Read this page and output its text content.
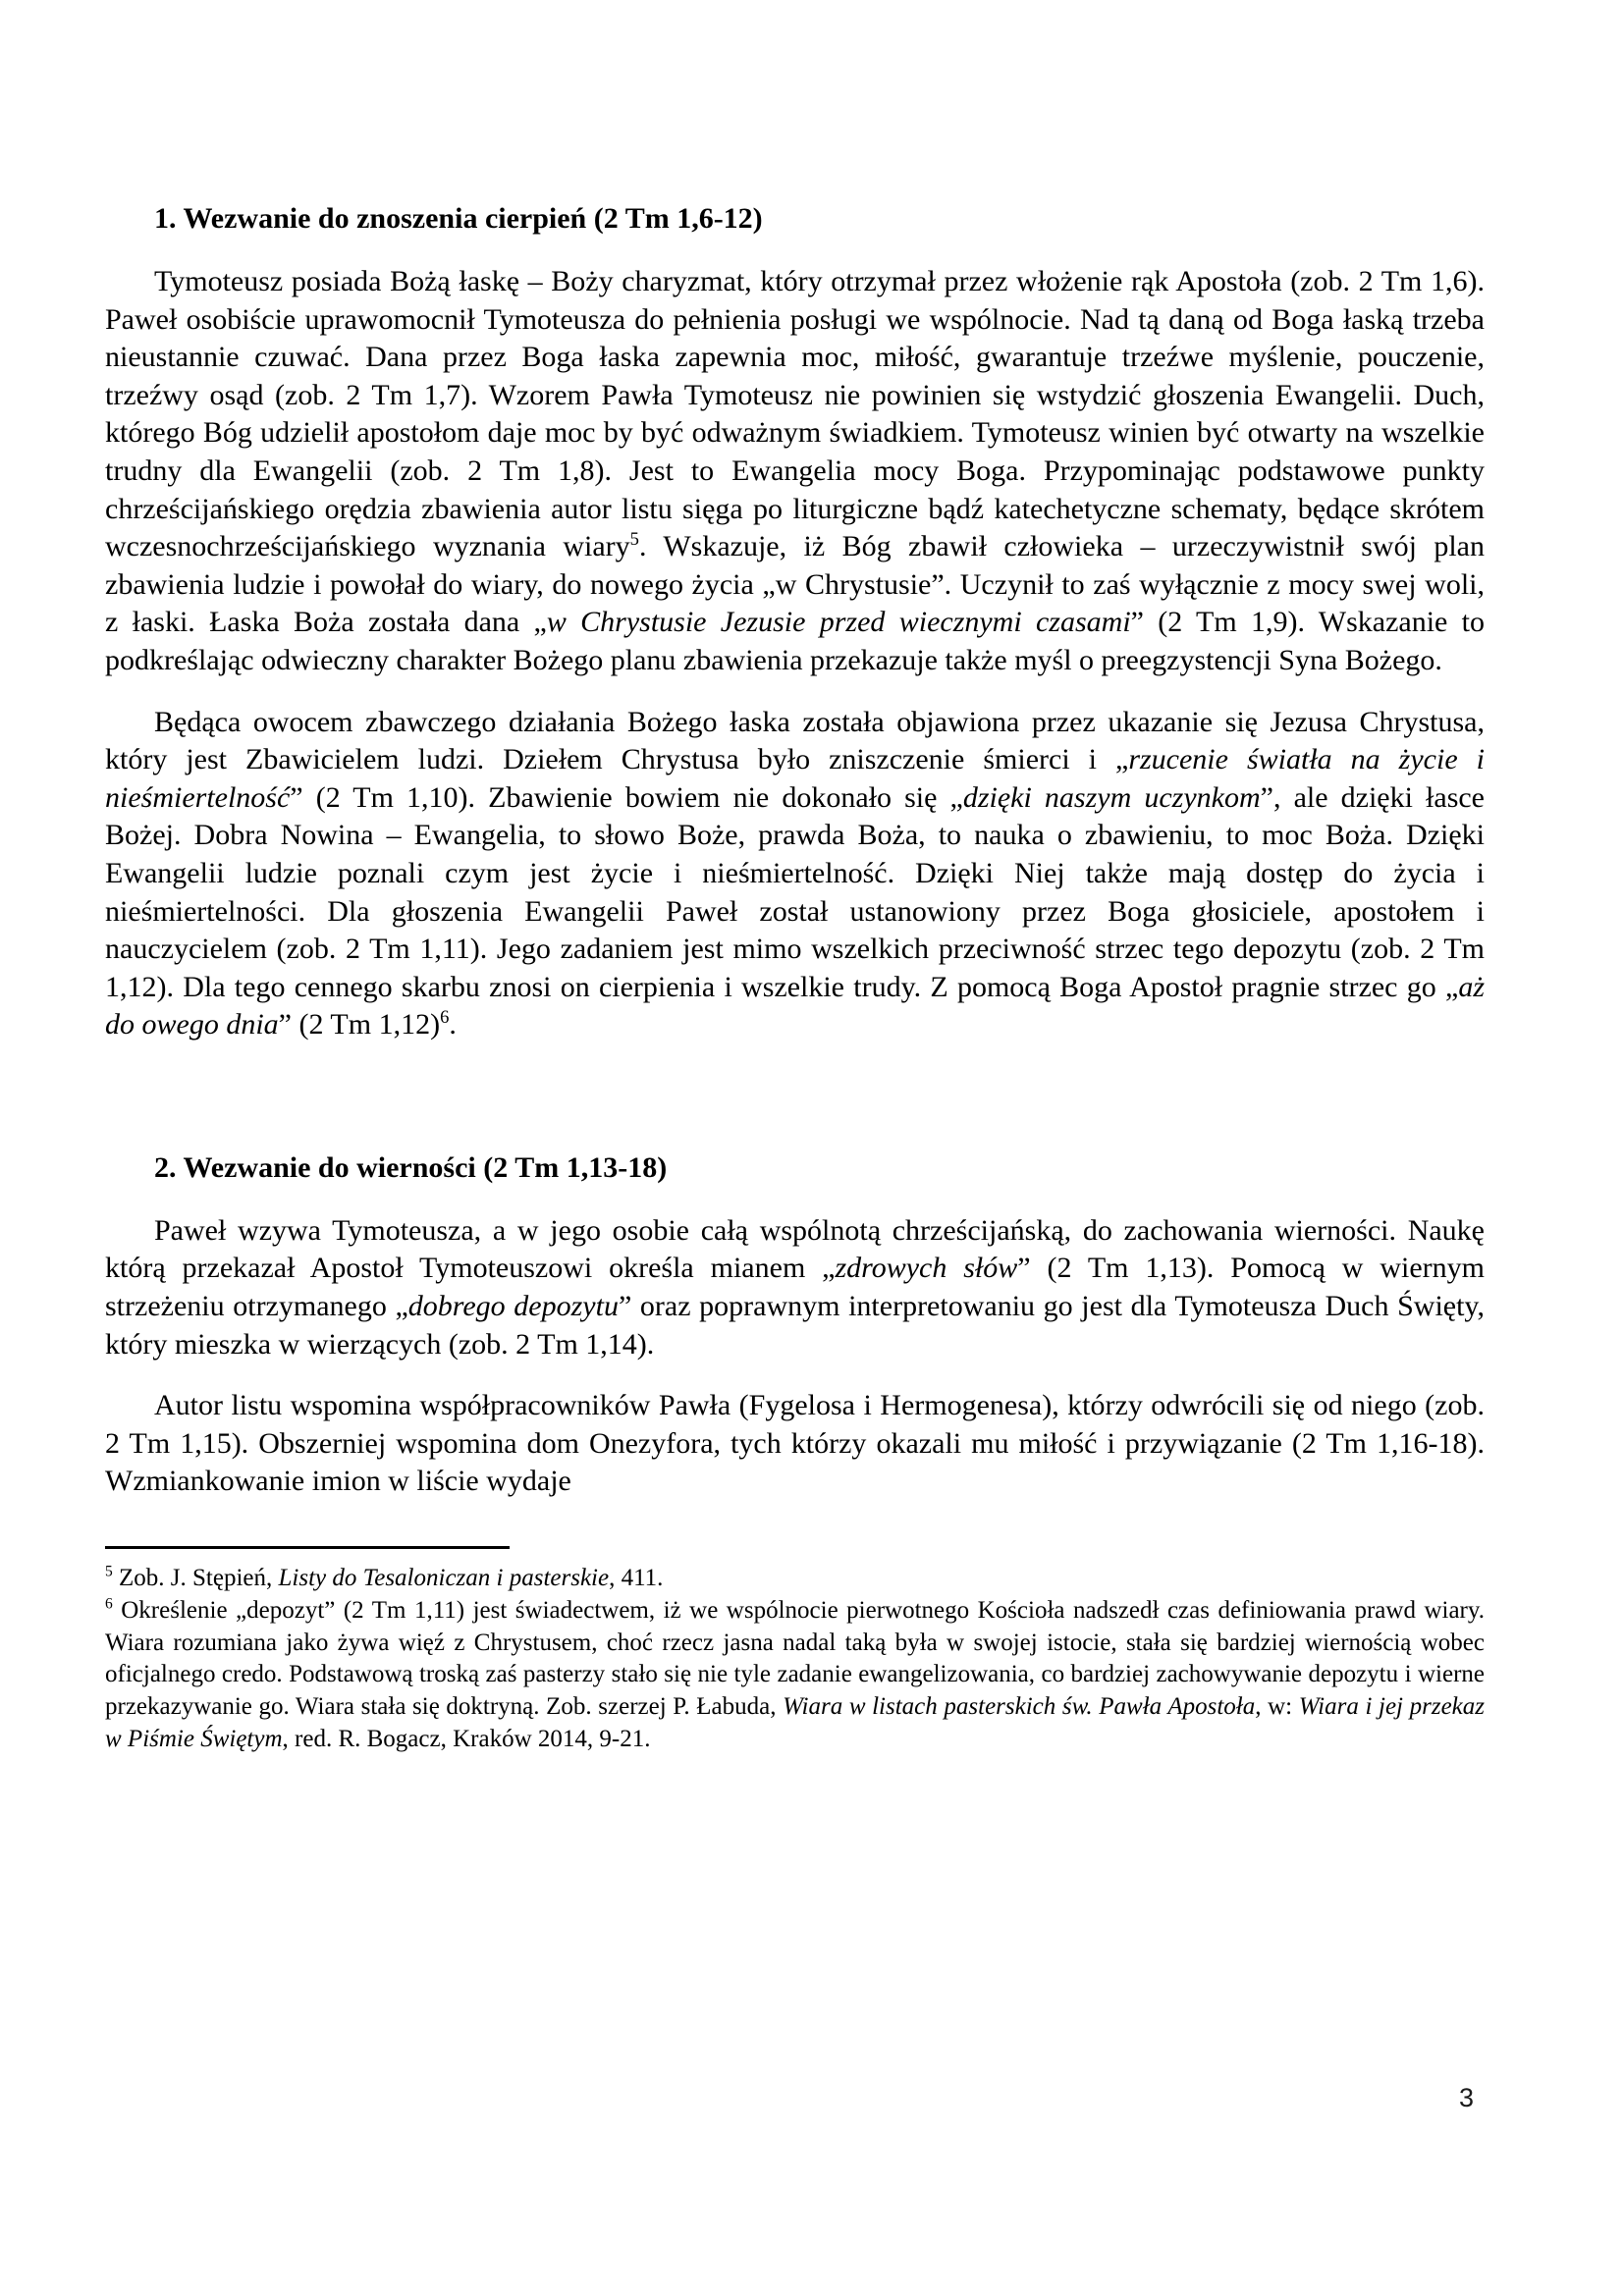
1. Wezwanie do znoszenia cierpień (2 Tm 1,6-12)

Tymoteusz posiada Bożą łaskę – Boży charyzmat, który otrzymał przez włożenie rąk Apostoła (zob. 2 Tm 1,6). Paweł osobiście uprawomocnił Tymoteusza do pełnienia posługi we wspólnocie. Nad tą daną od Boga łaską trzeba nieustannie czuwać. Dana przez Boga łaska zapewnia moc, miłość, gwarantuje trzeźwe myślenie, pouczenie, trzeźwy osąd (zob. 2 Tm 1,7). Wzorem Pawła Tymoteusz nie powinien się wstydzić głoszenia Ewangelii. Duch, którego Bóg udzielił apostołom daje moc by być odważnym świadkiem. Tymoteusz winien być otwarty na wszelkie trudny dla Ewangelii (zob. 2 Tm 1,8). Jest to Ewangelia mocy Boga. Przypominając podstawowe punkty chrześcijańskiego orędzia zbawienia autor listu sięga po liturgiczne bądź katechetyczne schematy, będące skrótem wczesnochrześcijańskiego wyznania wiary$^5$. Wskazuje, iż Bóg zbawił człowieka – urzeczywistnił swój plan zbawienia ludzie i powołał do wiary, do nowego życia „w Chrystusie”. Uczynił to zaś wyłącznie z mocy swej woli, z łaski. Łaska Boża została dana „w Chrystusie Jezusie przed wiecznymi czasami” (2 Tm 1,9). Wskazanie to podkreślając odwieczny charakter Bożego planu zbawienia przekazuje także myśl o preegzystencji Syna Bożego.

Będąca owocem zbawczego działania Bożego łaska została objawiona przez ukazanie się Jezusa Chrystusa, który jest Zbawicielem ludzi. Dziełem Chrystusa było zniszczenie śmierci i „rzucenie światła na życie i nieśmiertelność” (2 Tm 1,10). Zbawienie bowiem nie dokonało się „dzięki naszym uczynkom”, ale dzięki łasce Bożej. Dobra Nowina – Ewangelia, to słowo Boże, prawda Boża, to nauka o zbawieniu, to moc Boża. Dzięki Ewangelii ludzie poznali czym jest życie i nieśmiertelność. Dzięki Niej także mają dostęp do życia i nieśmiertelności. Dla głoszenia Ewangelii Paweł został ustanowiony przez Boga głosiciele, apostołem i nauczycielem (zob. 2 Tm 1,11). Jego zadaniem jest mimo wszelkich przeciwność strzec tego depozytu (zob. 2 Tm 1,12). Dla tego cennego skarbu znosi on cierpienia i wszelkie trudy. Z pomocą Boga Apostoł pragnie strzec go „aż do owego dnia” (2 Tm 1,12)$^6$.

2. Wezwanie do wierności (2 Tm 1,13-18)

Paweł wzywa Tymoteusza, a w jego osobie całą wspólnotą chrześcijańską, do zachowania wierności. Naukę którą przekazał Apostoł Tymoteuszowi określa mianem „zdrowych słów” (2 Tm 1,13). Pomocą w wiernym strzeżeniu otrzymanego „dobrego depozytu” oraz poprawnym interpretowaniu go jest dla Tymoteusza Duch Święty, który mieszka w wierzących (zob. 2 Tm 1,14).

Autor listu wspomina współpracowników Pawła (Fygelosa i Hermogenesa), którzy odwrócili się od niego (zob. 2 Tm 1,15). Obszerniej wspomina dom Onezyfora, tych którzy okazali mu miłość i przywiązanie (2 Tm 1,16-18). Wzmiankowanie imion w liście wydaje

$^5$ Zob. J. Stępień, Listy do Tesaloniczan i pasterskie, 411.

$^6$ Określenie „depozyt” (2 Tm 1,11) jest świadectwem, iż we wspólnocie pierwotnego Kościoła nadszedł czas definiowania prawd wiary. Wiara rozumiana jako żywa więź z Chrystusem, choć rzecz jasna nadal taką była w swojej istocie, stała się bardziej wiernością wobec oficjalnego credo. Podstawową troską zaś pasterzy stało się nie tyle zadanie ewangelizowania, co bardziej zachowywanie depozytu i wierne przekazywanie go. Wiara stała się doktryną. Zob. szerzej P. Łabuda, Wiara w listach pasterskich św. Pawła Apostoła, w: Wiara i jej przekaz w Piśmie Świętym, red. R. Bogacz, Kraków 2014, 9-21.

3
